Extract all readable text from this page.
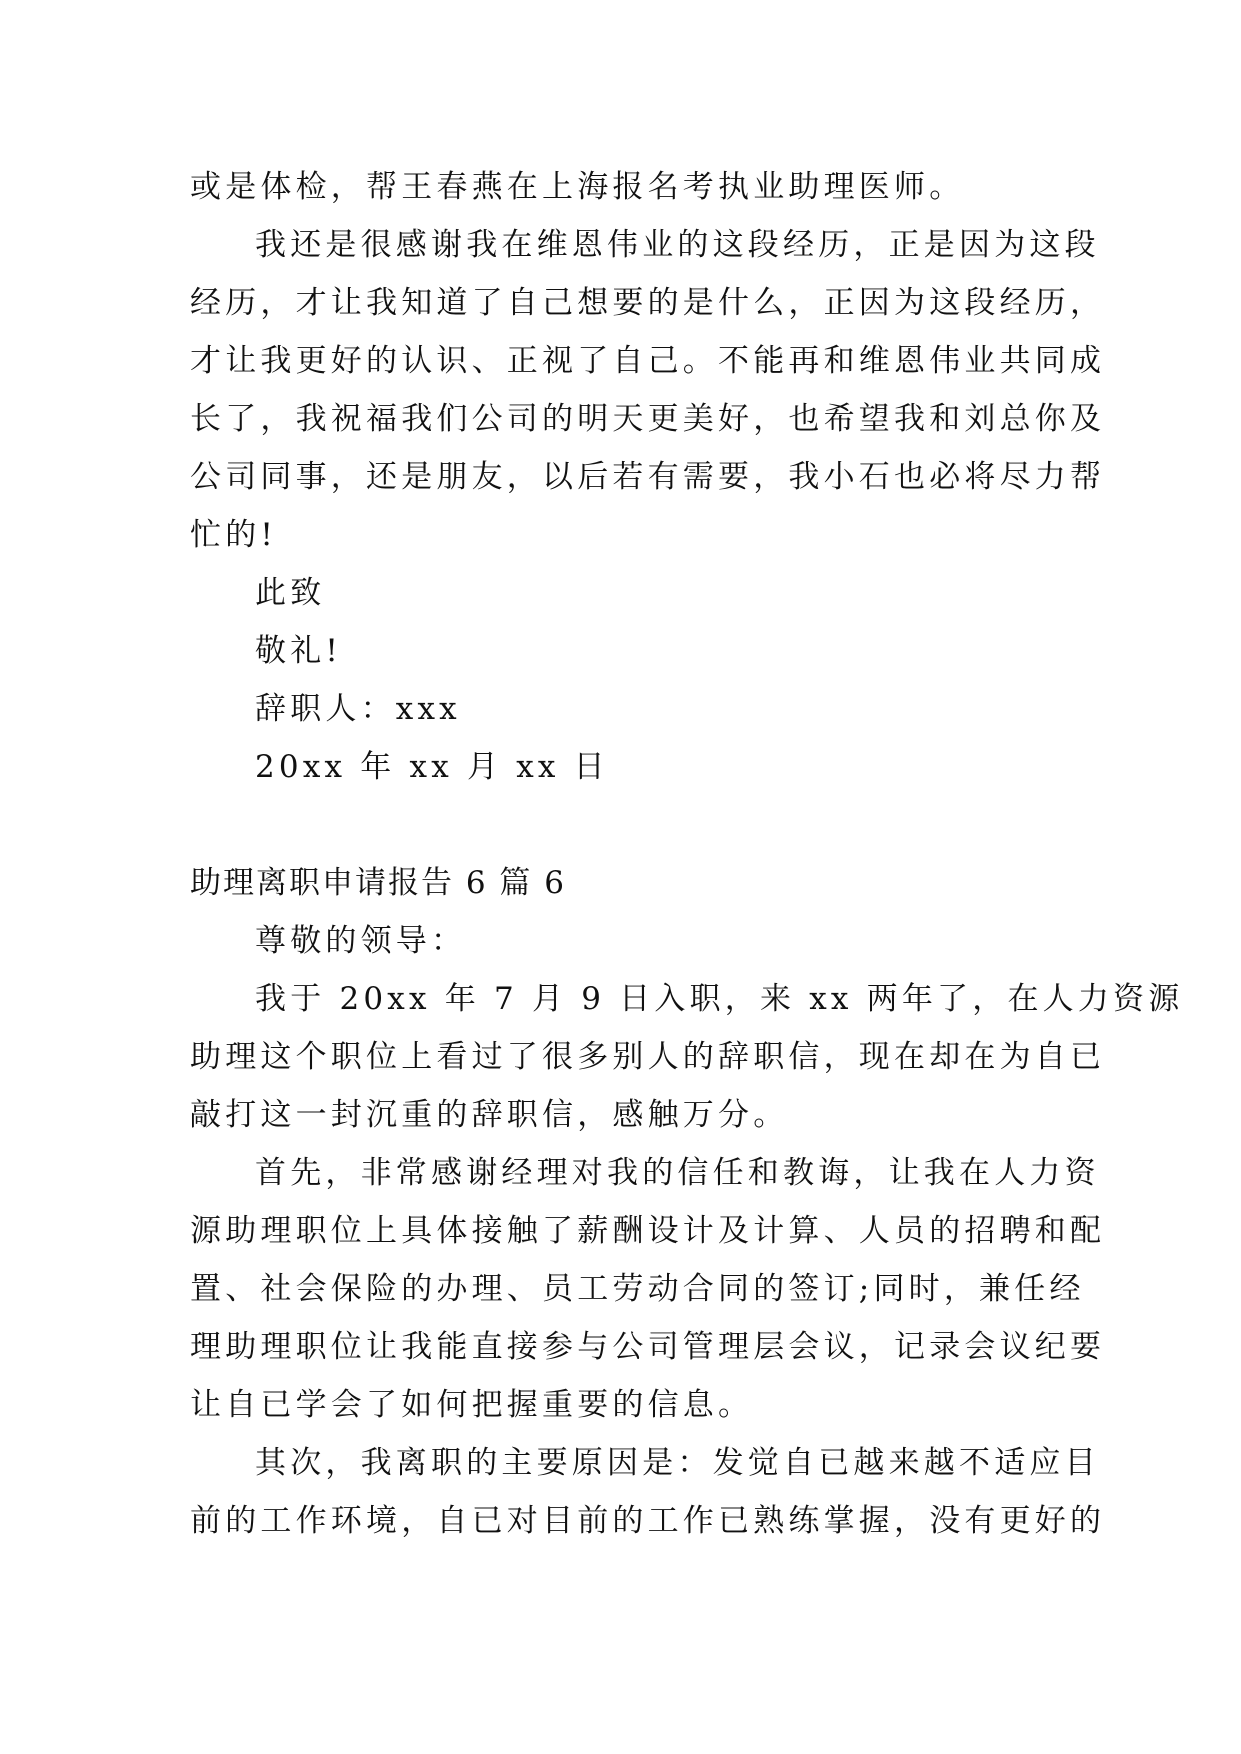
或是体检，帮王春燕在上海报名考执业助理医师。
我还是很感谢我在维恩伟业的这段经历，正是因为这段
经历，才让我知道了自己想要的是什么，正因为这段经历，
才让我更好的认识、正视了自己。不能再和维恩伟业共同成
长了，我祝福我们公司的明天更美好，也希望我和刘总你及
公司同事，还是朋友，以后若有需要，我小石也必将尽力帮
忙的!
此致
敬礼!
辞职人：xxx
20xx 年 xx 月 xx 日
助理离职申请报告 6 篇 6
尊敬的领导：
我于 20xx 年 7 月 9 日入职，来 xx 两年了，在人力资源
助理这个职位上看过了很多别人的辞职信，现在却在为自已
敲打这一封沉重的辞职信，感触万分。
首先，非常感谢经理对我的信任和教诲，让我在人力资
源助理职位上具体接触了薪酬设计及计算、人员的招聘和配
置、社会保险的办理、员工劳动合同的签订;同时，兼任经
理助理职位让我能直接参与公司管理层会议，记录会议纪要
让自已学会了如何把握重要的信息。
其次，我离职的主要原因是：发觉自已越来越不适应目
前的工作环境，自已对目前的工作已熟练掌握，没有更好的
